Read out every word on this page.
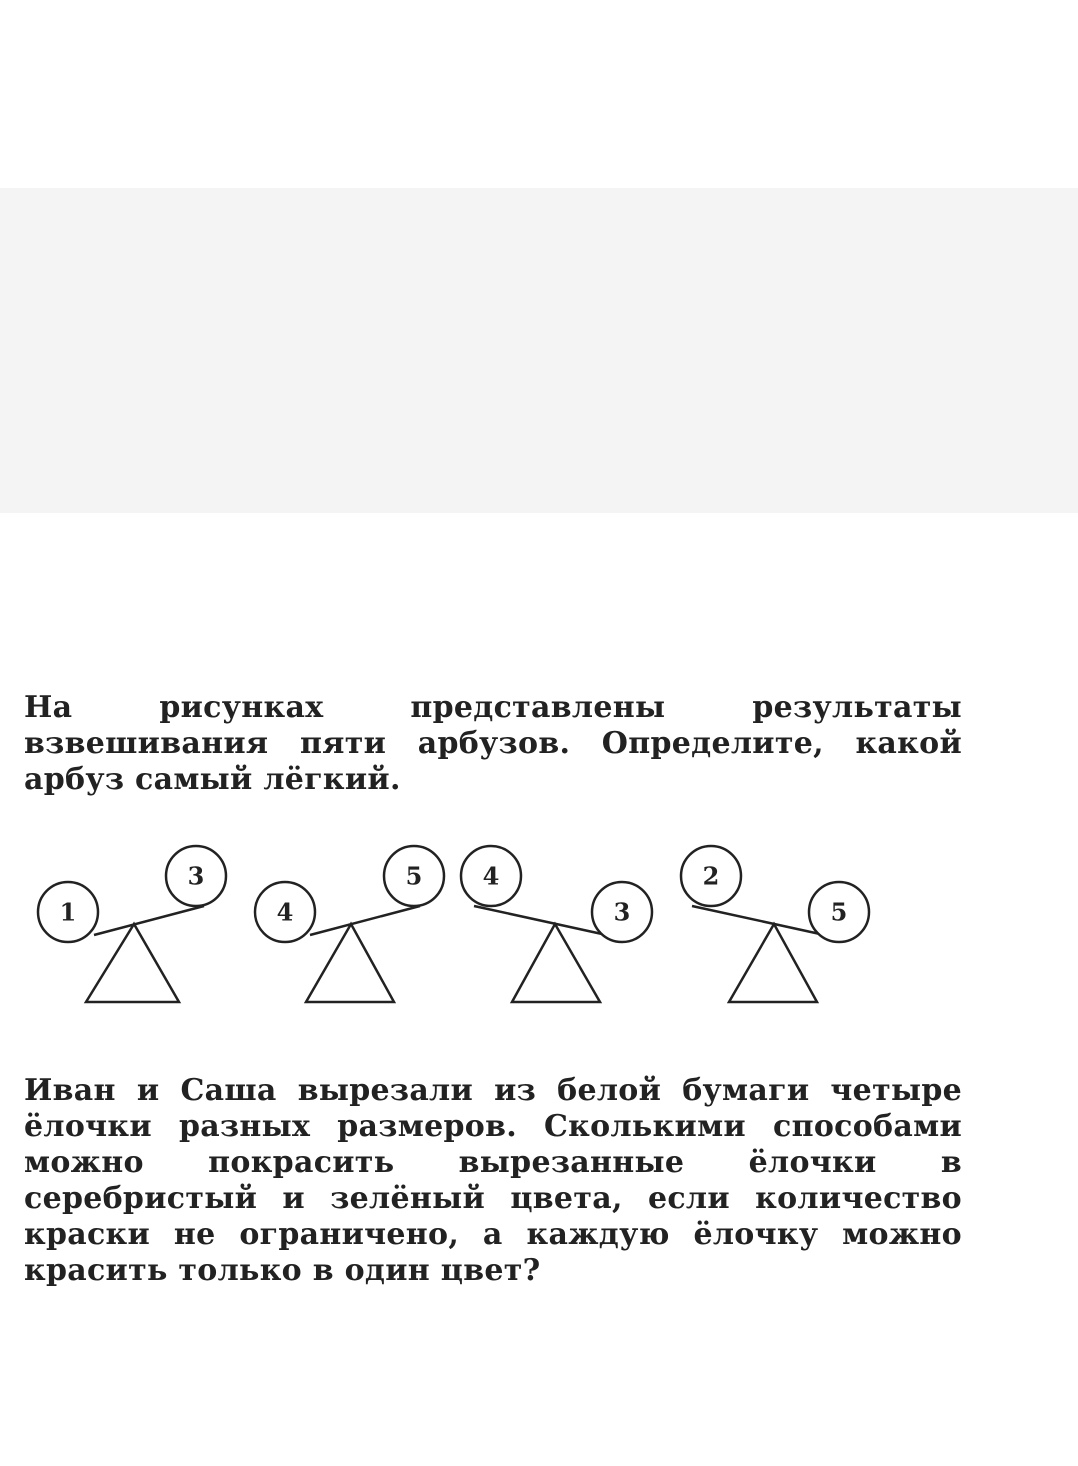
На рисунках представлены результаты взвешивания пяти арбузов. Определите, какой арбуз самый лёгкий.
1
3
4
5	4
3
2
5
Иван и Саша вырезали из белой бумаги четыре ёлочки разных размеров. Сколькими способами можно покрасить вырезанные ёлочки в серебристый и зелёный цвета, если количество краски не ограничено, а каждую ёлочку можно красить только в один цвет?
